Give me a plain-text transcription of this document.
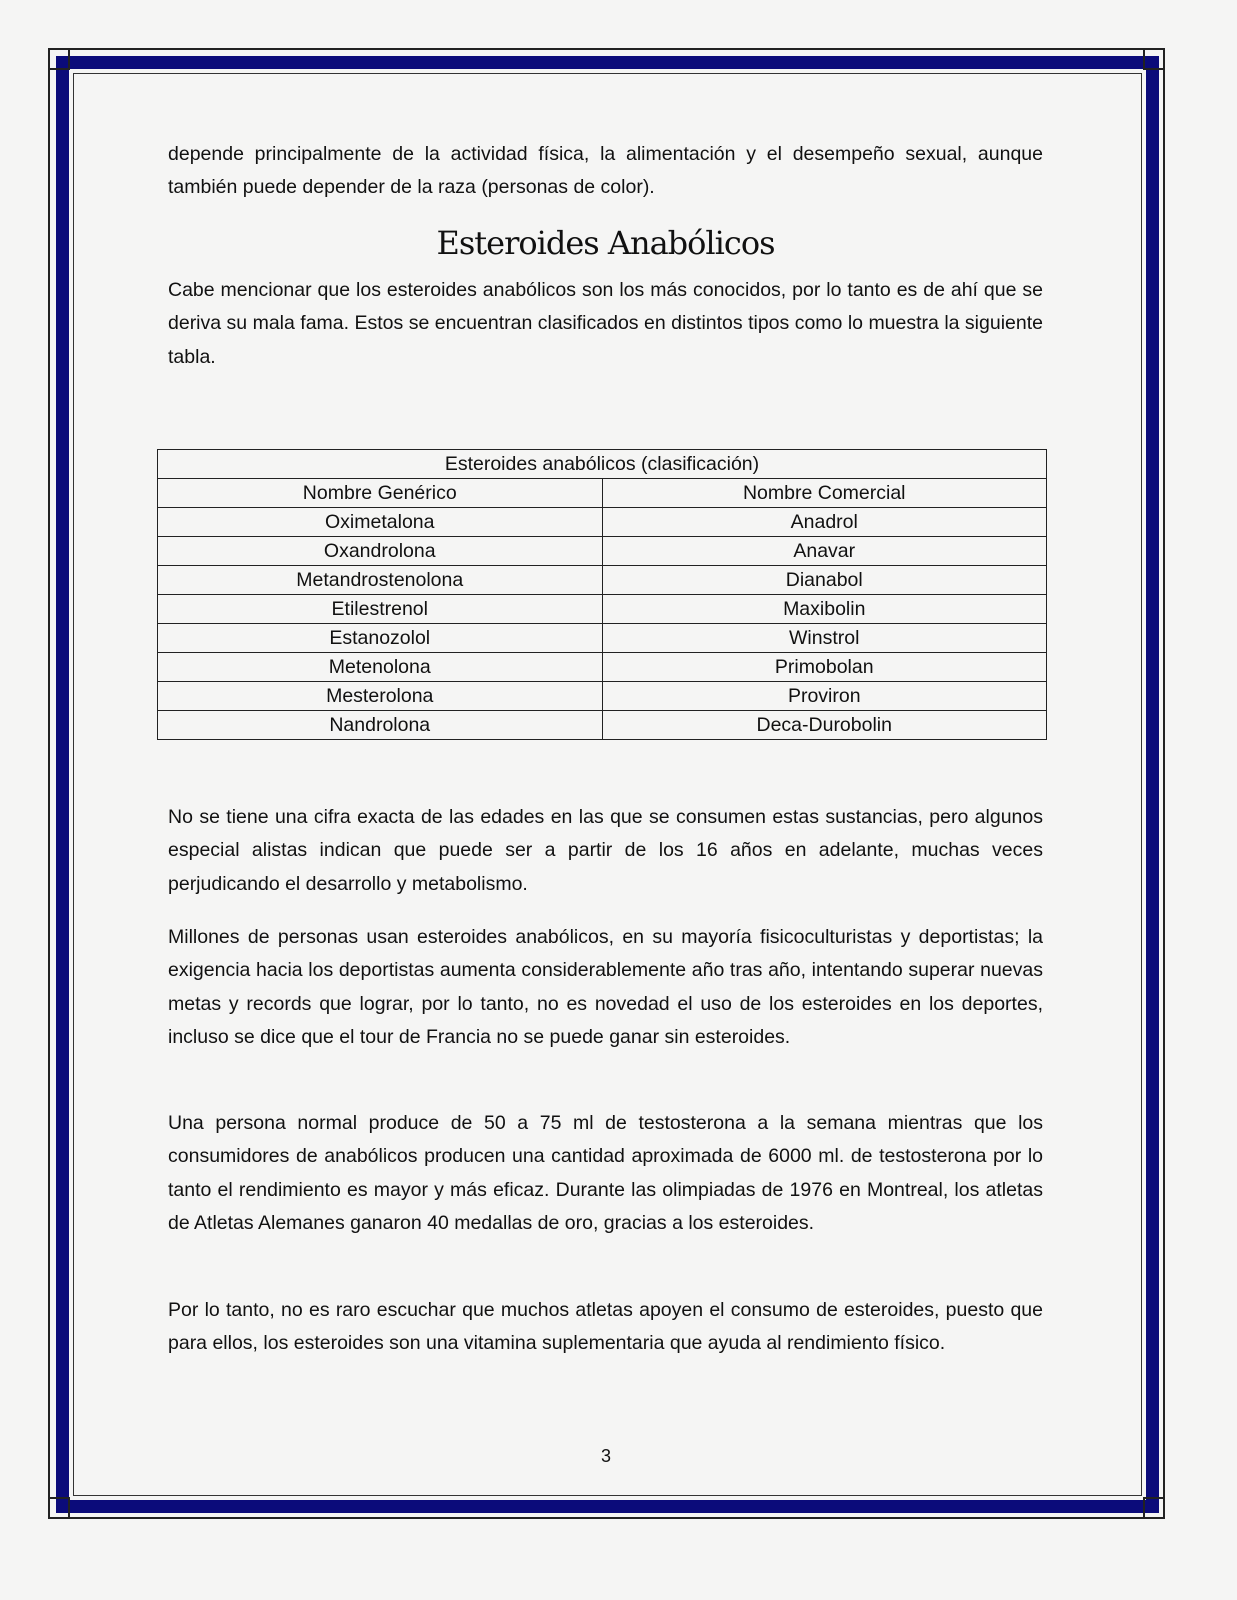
depende principalmente de la actividad física, la alimentación y el desempeño sexual, aunque también puede depender de la raza (personas de color).
Esteroides Anabólicos
Cabe mencionar que los esteroides anabólicos son los más conocidos, por lo tanto es de ahí que se deriva su mala fama. Estos se encuentran clasificados en distintos tipos como lo muestra la siguiente tabla.
Esteroides anabólicos (clasificación)	
Nombre Genérico	Nombre Comercial
Oximetalona	Anadrol
Oxandrolona	Anavar
Metandrostenolona	Dianabol
Etilestrenol	Maxibolin
Estanozolol	Winstrol
Metenolona	Primobolan
Mesterolona	Proviron
Nandrolona	Deca-Durobolin
No se tiene una cifra exacta de las edades en las que se consumen estas sustancias, pero algunos especial alistas indican que puede ser a partir de los 16 años en adelante, muchas veces perjudicando el desarrollo y metabolismo.
Millones de personas usan esteroides anabólicos, en su mayoría fisicoculturistas y deportistas; la exigencia hacia los deportistas aumenta considerablemente año tras año, intentando superar nuevas metas y records que lograr, por lo tanto, no es novedad el uso de los esteroides en los deportes, incluso se dice que el tour de Francia no se puede ganar sin esteroides.
Una persona normal produce de 50 a 75 ml de testosterona a la semana mientras que los consumidores de anabólicos producen una cantidad aproximada de 6000 ml. de testosterona por lo tanto el rendimiento es mayor y más eficaz. Durante las olimpiadas de 1976 en Montreal, los atletas de Atletas Alemanes ganaron 40 medallas de oro, gracias a los esteroides.
Por lo tanto, no es raro escuchar que muchos atletas apoyen el consumo de esteroides, puesto que para ellos, los esteroides son una vitamina suplementaria que ayuda al rendimiento físico.
3
